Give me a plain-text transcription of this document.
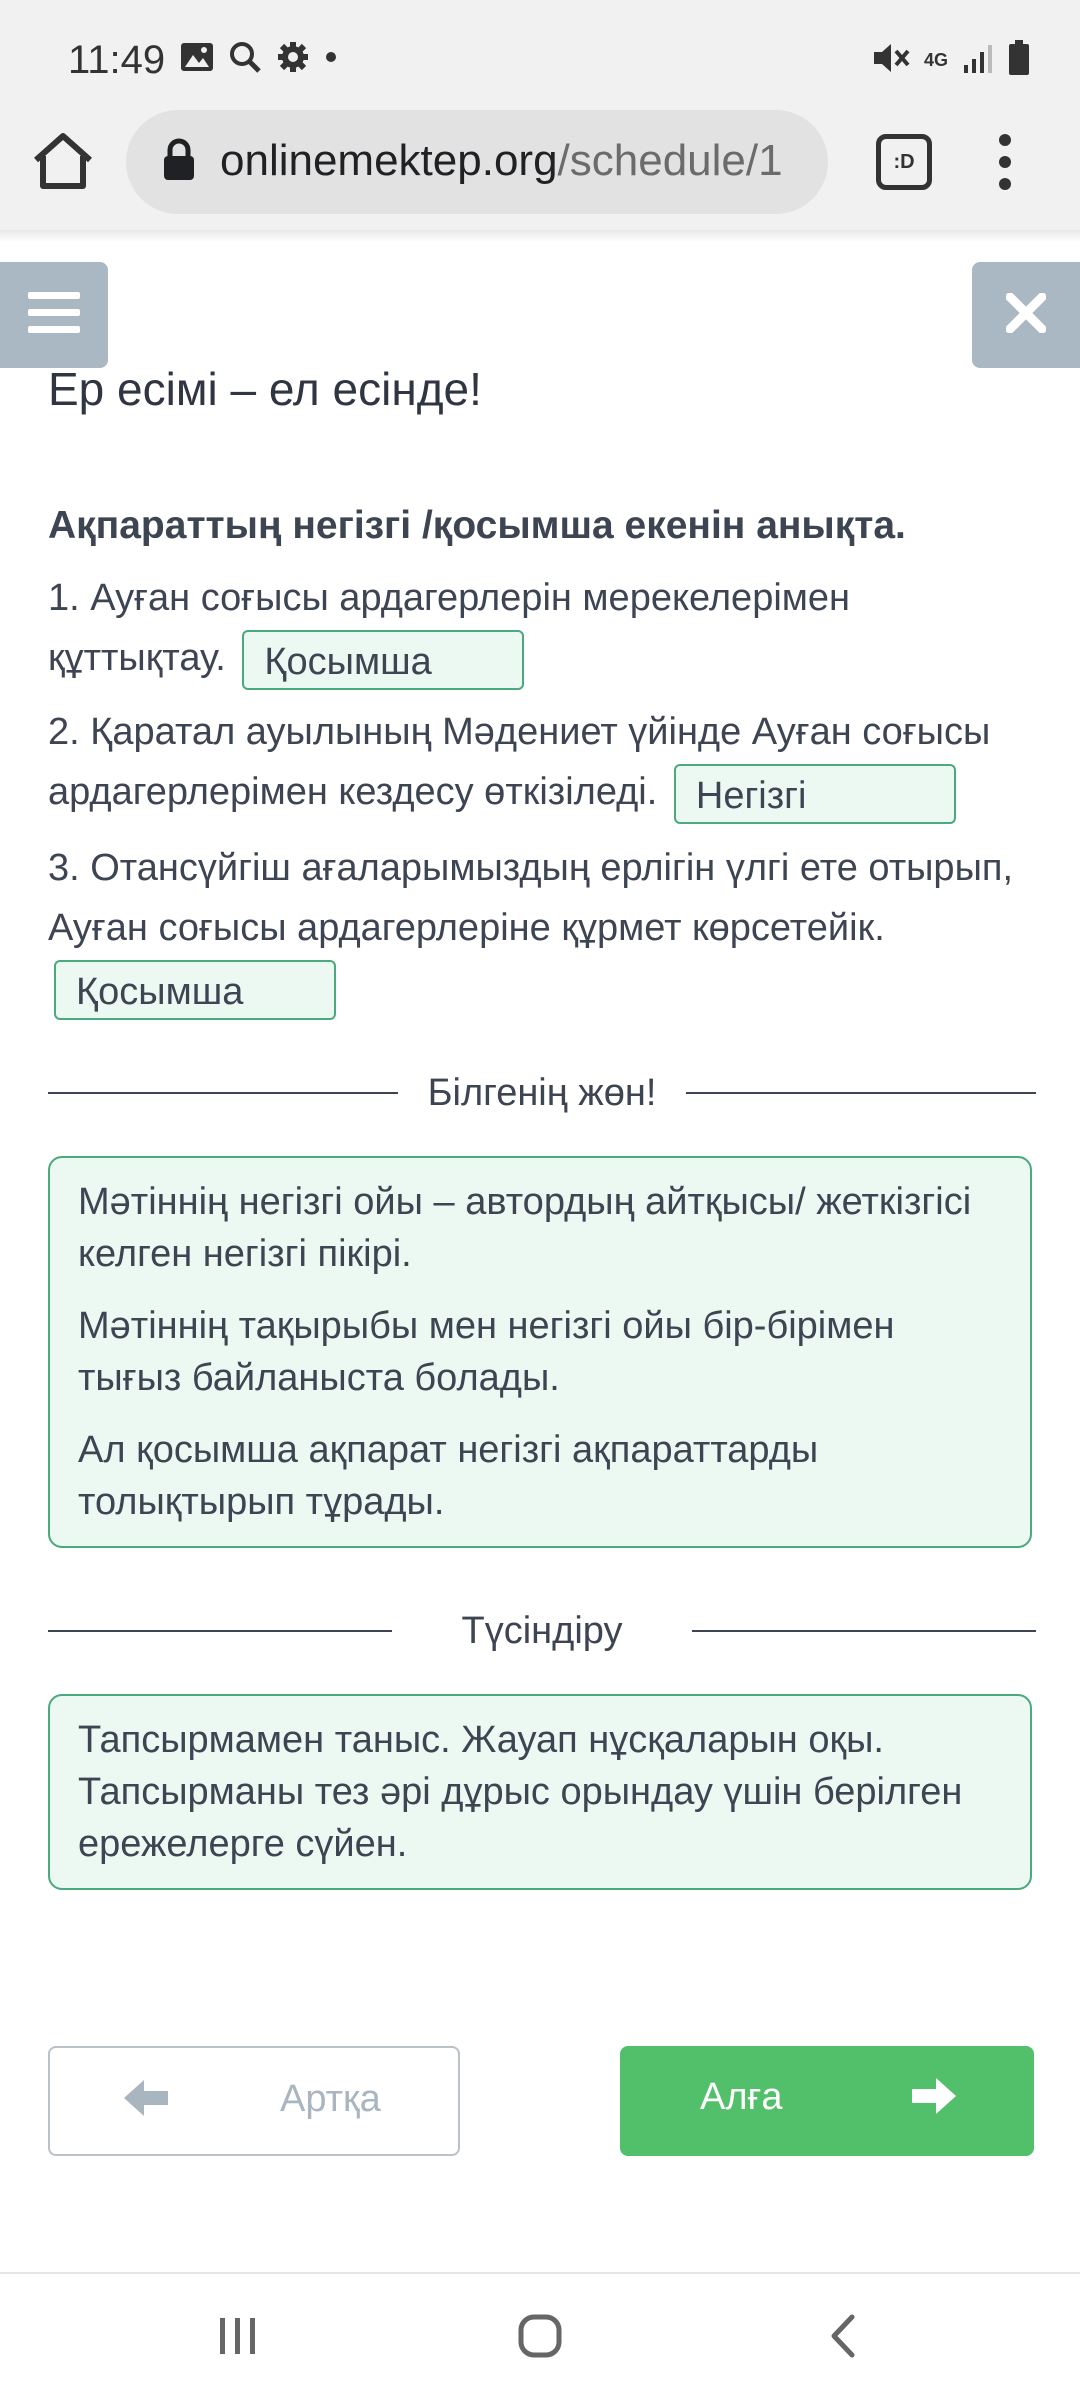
11:49	4G
onlinemektep.org/schedule/1	:D
Ер есімі – ел есінде!
Ақпараттың негізгі /қосымша екенін анықта.
1. Ауған соғысы ардагерлерін мерекелерімен құттықтау. Қосымша
2. Қаратал ауылының Мәдениет үйінде Ауған соғысы ардагерлерімен кездесу өткізіледі. Негізгі
3. Отансүйгіш ағаларымыздың ерлігін үлгі ете отырып, Ауған соғысы ардагерлеріне құрмет көрсетейік. Қосымша
Білгенің жөн!

Мәтіннің негізгі ойы – автордың айтқысы/ жеткізгісі келген негізгі пікірі.

Мәтіннің тақырыбы мен негізгі ойы бір-бірімен тығыз байланыста болады.

Ал қосымша ақпарат негізгі ақпараттарды толықтырып тұрады.

Түсіндіру

Тапсырмамен таныс. Жауап нұсқаларын оқы. Тапсырманы тез әрі дұрыс орындау үшін берілген ережелерге сүйен.

Артқа	Алға
